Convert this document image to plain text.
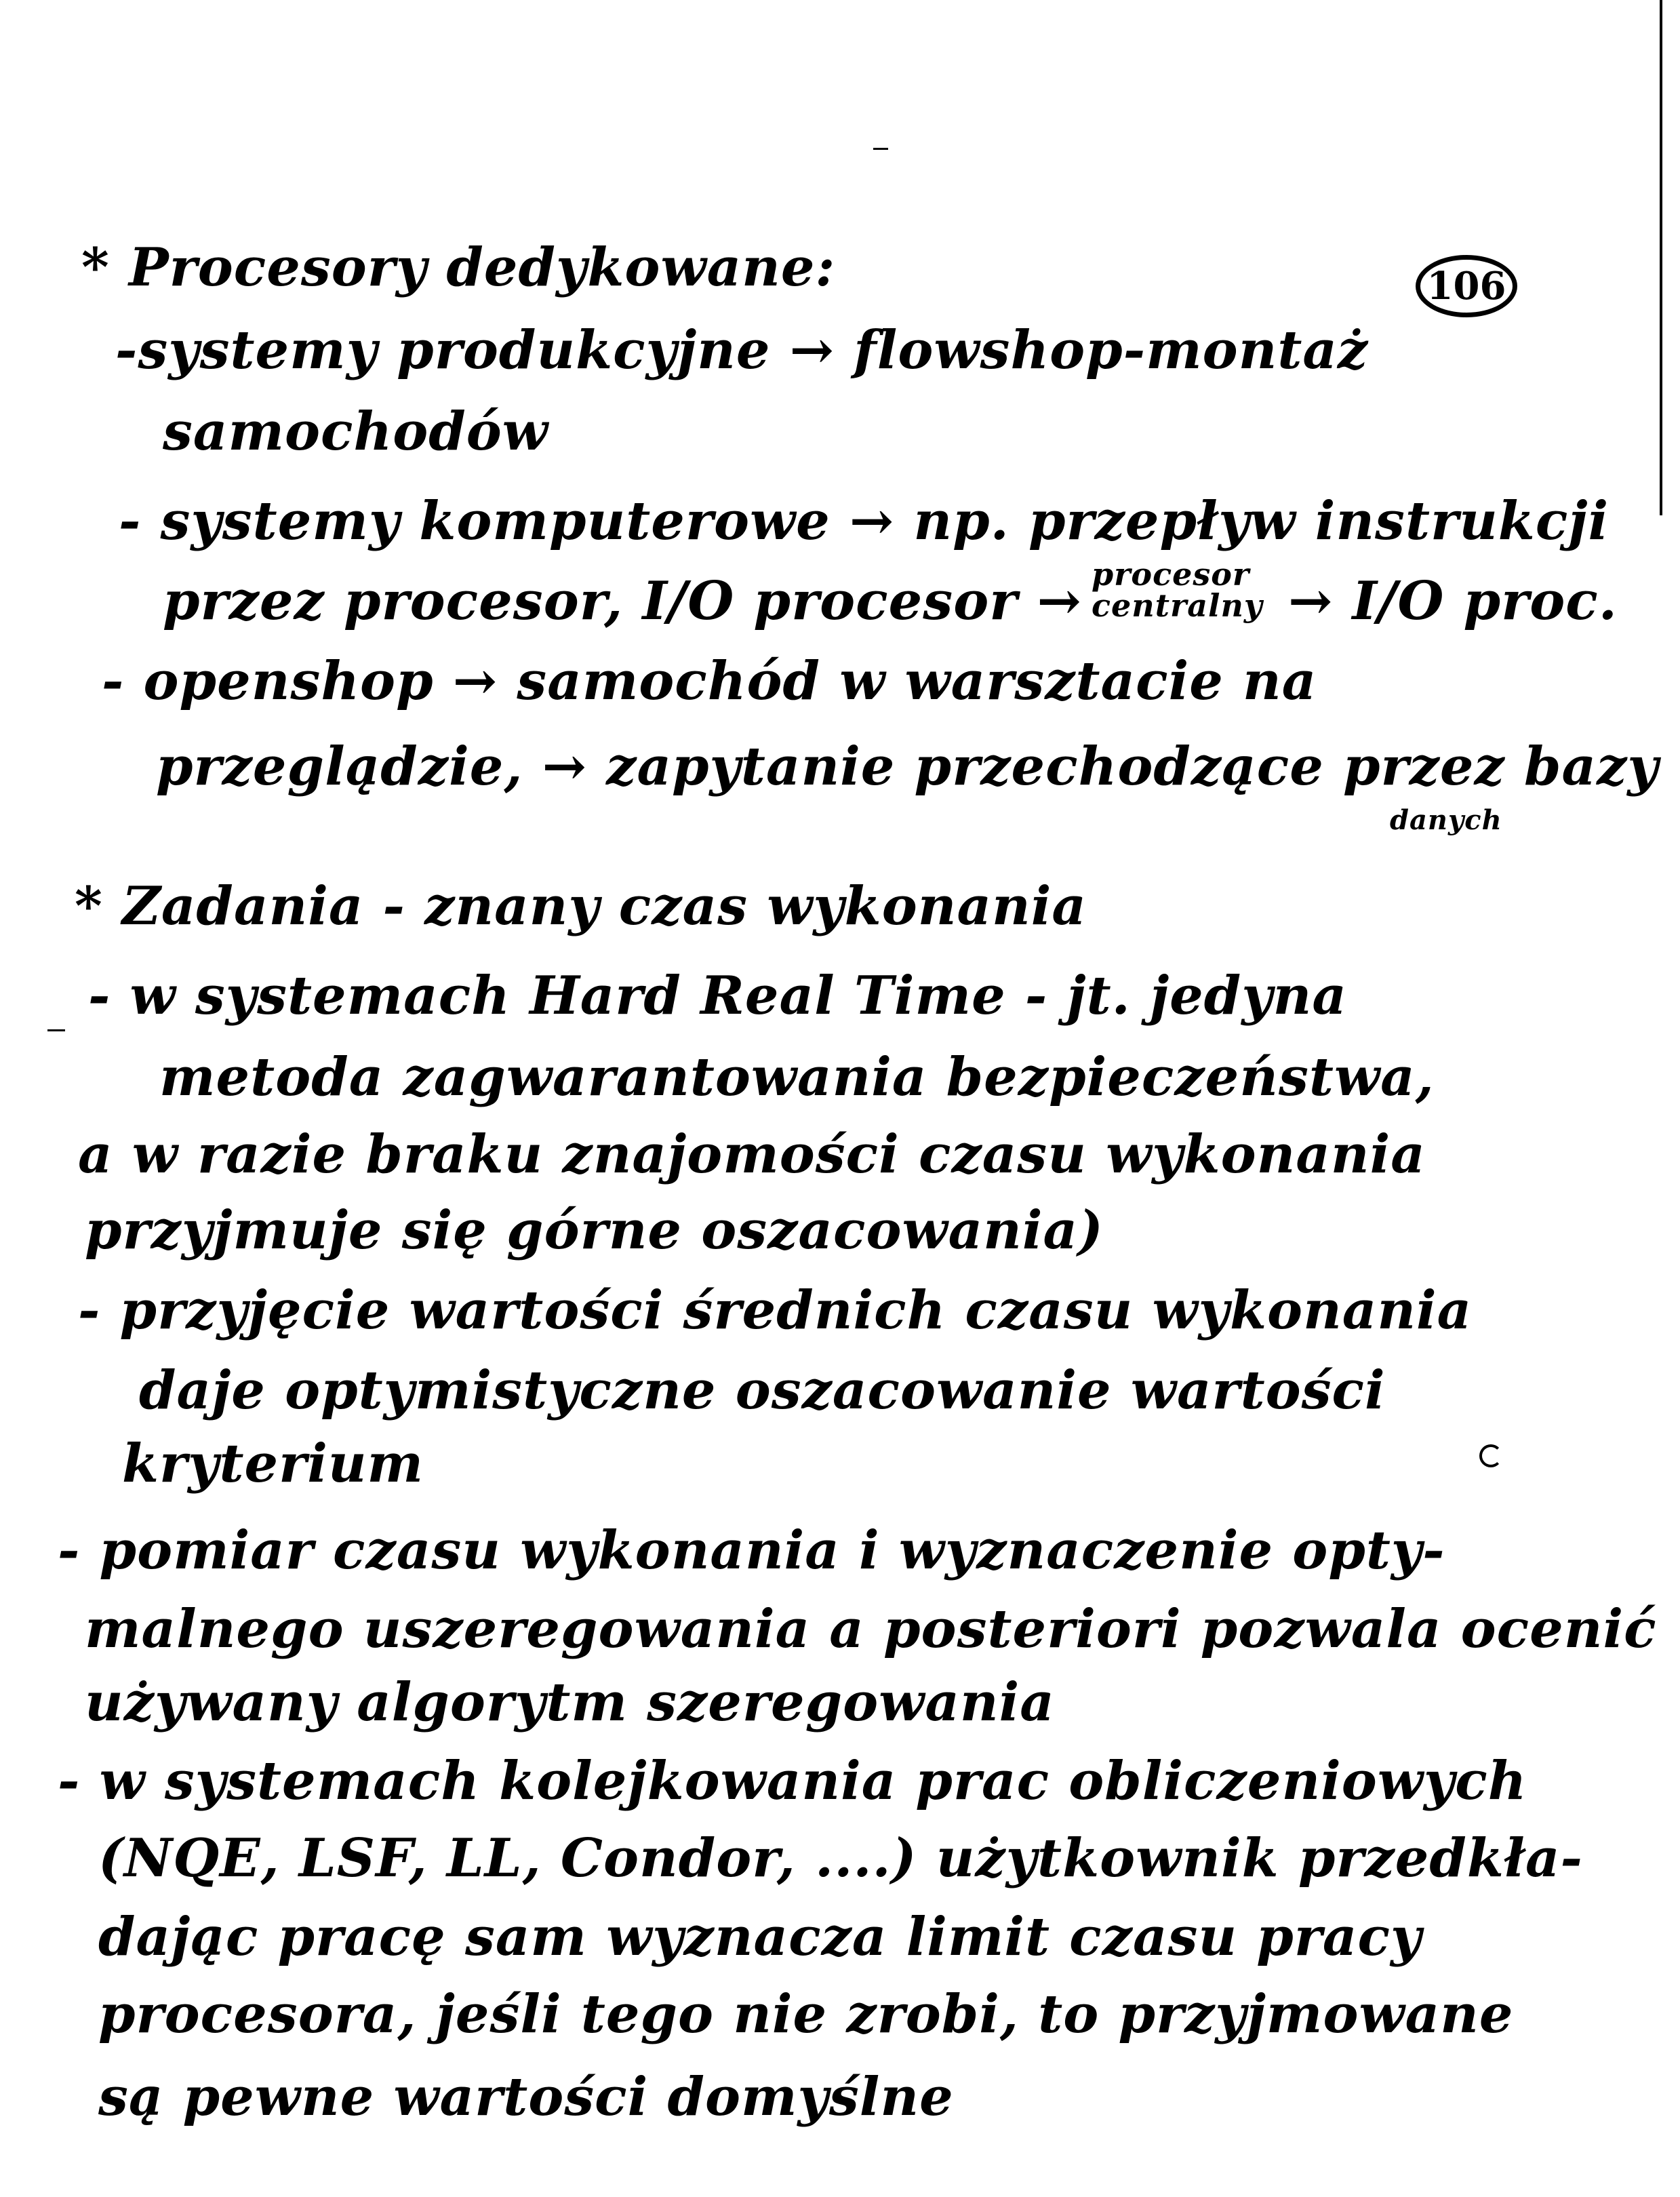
106
* Procesory dedykowane:
-systemy produkcyjne → flowshop-montaż
samochodów
- systemy komputerowe → np. przepływ instrukcji
przez procesor, I/O procesor → procesor
centralny → I/O proc.
- openshop → samochód w warsztacie na
przeglądzie, → zapytanie przechodzące przez bazy
danych
* Zadania - znany czas wykonania
- w systemach Hard Real Time - jt. jedyna
metoda zagwarantowania bezpieczeństwa,
a w razie braku znajomości czasu wykonania
przyjmuje się górne oszacowania)
- przyjęcie wartości średnich czasu wykonania
daje optymistyczne oszacowanie wartości
kryterium
- pomiar czasu wykonania i wyznaczenie opty-
malnego uszeregowania a posteriori pozwala ocenić
używany algorytm szeregowania
- w systemach kolejkowania prac obliczeniowych
(NQE, LSF, LL, Condor, ....) użytkownik przedkła-
dając pracę sam wyznacza limit czasu pracy
procesora, jeśli tego nie zrobi, to przyjmowane
są pewne wartości domyślne
